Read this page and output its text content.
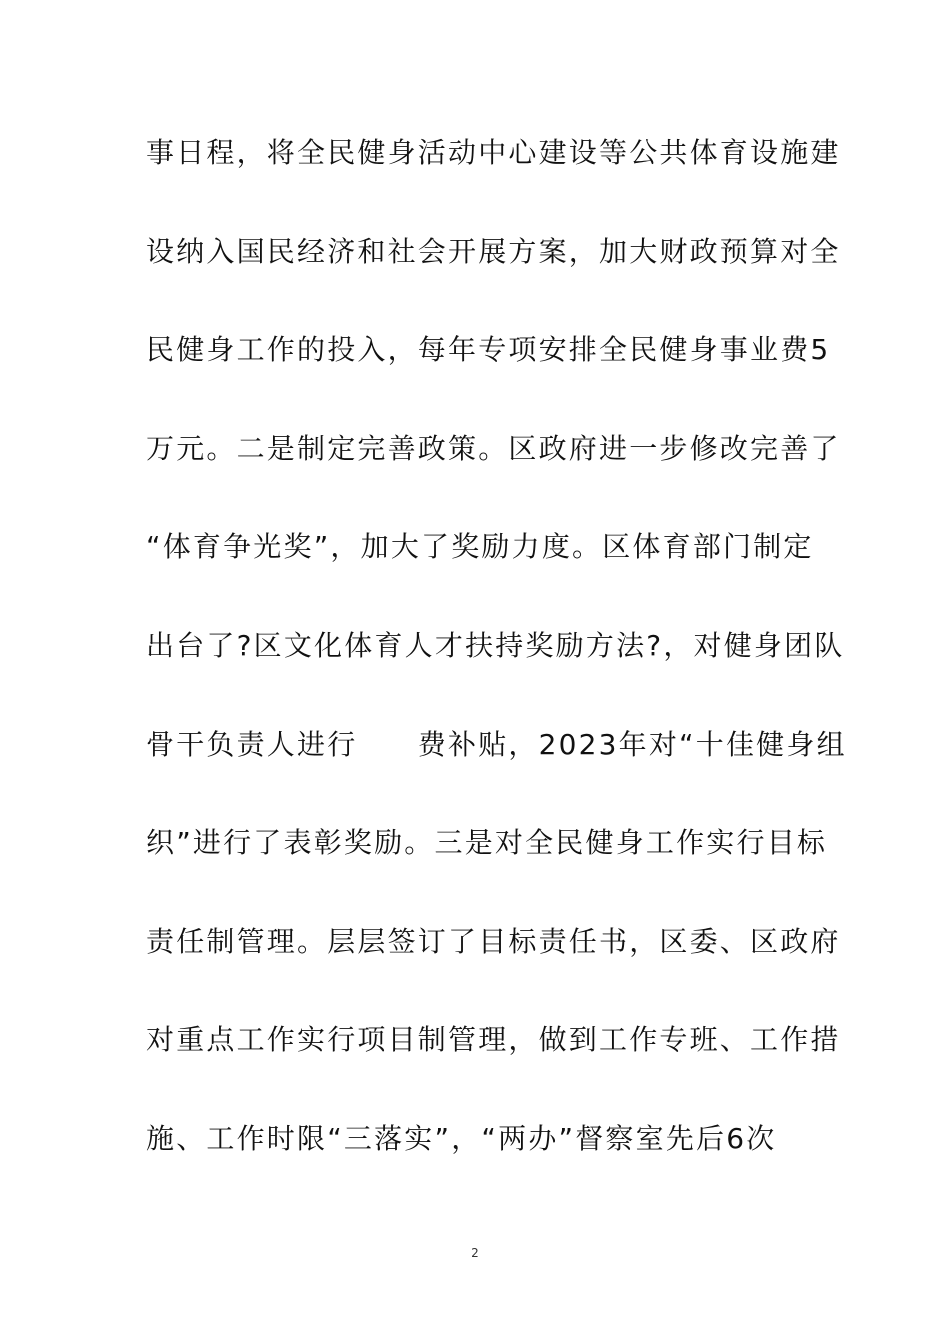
事日程，将全民健身活动中心建设等公共体育设施建
设纳入国民经济和社会开展方案，加大财政预算对全
民健身工作的投入，每年专项安排全民健身事业费5
万元。二是制定完善政策。区政府进一步修改完善了
“体育争光奖”，加大了奖励力度。区体育部门制定
出台了?区文化体育人才扶持奖励方法?，对健身团队
骨干负责人进行　　费补贴，2023年对“十佳健身组
织”进行了表彰奖励。三是对全民健身工作实行目标
责任制管理。层层签订了目标责任书，区委、区政府
对重点工作实行项目制管理，做到工作专班、工作措
施、工作时限“三落实”，“两办”督察室先后6次
2
